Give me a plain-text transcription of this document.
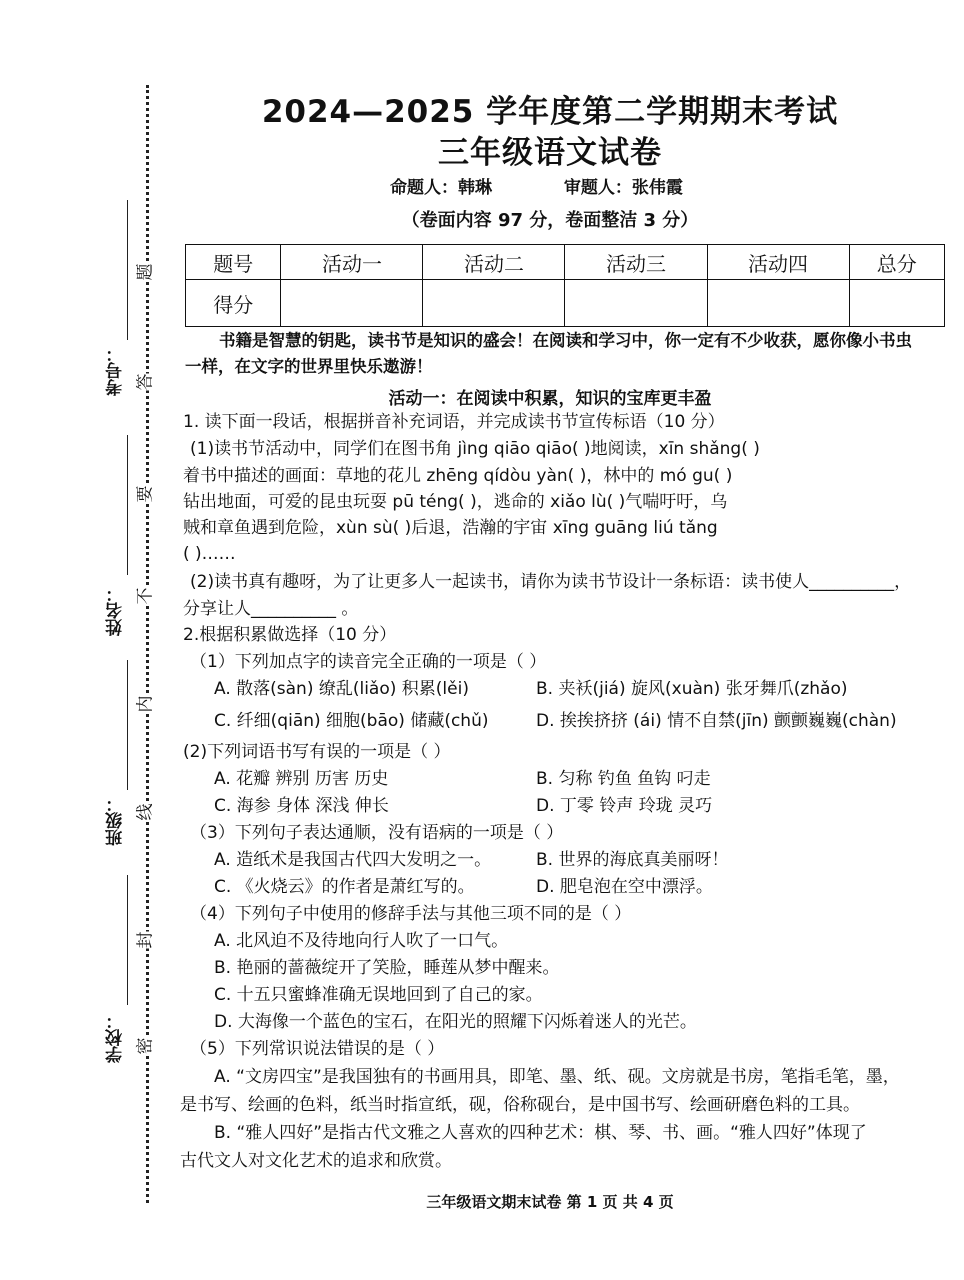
考号：
姓名：
班级：
学校：
题
答
要
不
内
线
封
密
2024—2025 学年度第二学期期末考试
三年级语文试卷
命题人：韩琳	审题人：张伟霞
（卷面内容 97 分，卷面整洁 3 分）
题号	活动一	活动二	活动三	活动四	总分
得分					
书籍是智慧的钥匙，读书节是知识的盛会！在阅读和学习中，你一定有不少收获，愿你像小书虫一样，在文字的世界里快乐遨游！
活动一：在阅读中积累，知识的宝库更丰盈
1. 读下面一段话，根据拼音补充词语，并完成读书节宣传标语（10 分）
(1)读书节活动中，同学们在图书角 jìng qiāo qiāo( )地阅读，xīn shǎng( )
着书中描述的画面：草地的花儿 zhēng qídòu yàn( )，林中的 mó gu( )
钻出地面，可爱的昆虫玩耍 pū téng( )，逃命的 xiǎo lù( )气喘吁吁，乌
贼和章鱼遇到危险，xùn sù( )后退，浩瀚的宇宙 xīng guāng liú tǎng
( )……
(2)读书真有趣呀，为了让更多人一起读书，请你为读书节设计一条标语：读书使人__________，
分享让人__________ 。
2.根据积累做选择（10 分）
（1）下列加点字的读音完全正确的一项是（ ）
A. 散落(sàn) 缭乱(liǎo) 积累(lěi)	B. 夹袄(jiá) 旋风(xuàn) 张牙舞爪(zhǎo)
C. 纤细(qiān) 细胞(bāo) 储藏(chǔ)	D. 挨挨挤挤 (ái) 情不自禁(jīn) 颤颤巍巍(chàn)
(2)下列词语书写有误的一项是（ ）
A. 花瓣 辨别 历害 历史	B. 匀称 钓鱼 鱼钩 叼走
C. 海参 身体 深浅 伸长	D. 丁零 铃声 玲珑 灵巧
（3）下列句子表达通顺，没有语病的一项是（ ）
A. 造纸术是我国古代四大发明之一。	B. 世界的海底真美丽呀！
C. 《火烧云》的作者是萧红写的。	D. 肥皂泡在空中漂浮。
（4）下列句子中使用的修辞手法与其他三项不同的是（ ）
A. 北风迫不及待地向行人吹了一口气。
B. 艳丽的蔷薇绽开了笑脸，睡莲从梦中醒来。
C. 十五只蜜蜂准确无误地回到了自己的家。
D. 大海像一个蓝色的宝石，在阳光的照耀下闪烁着迷人的光芒。
（5）下列常识说法错误的是（ ）
A. “文房四宝”是我国独有的书画用具，即笔、墨、纸、砚。文房就是书房，笔指毛笔，墨，
是书写、绘画的色料，纸当时指宣纸，砚，俗称砚台，是中国书写、绘画研磨色料的工具。
B. “雅人四好”是指古代文雅之人喜欢的四种艺术：棋、琴、书、画。“雅人四好”体现了
古代文人对文化艺术的追求和欣赏。
三年级语文期末试卷 第 1 页 共 4 页
